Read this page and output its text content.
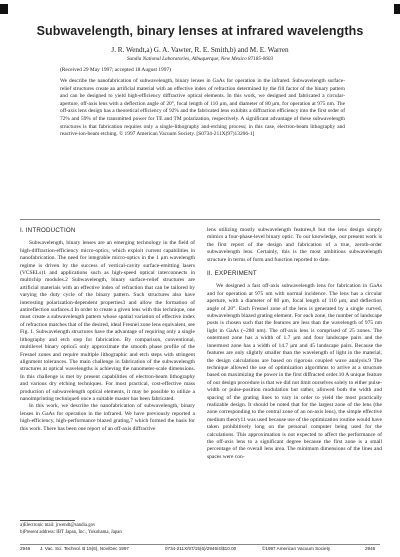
Subwavelength, binary lenses at infrared wavelengths
J. R. Wendt,a) G. A. Vawter, R. E. Smith,b) and M. E. Warren
Sandia National Laboratories, Albuquerque, New Mexico 87185-0603
(Received 29 May 1997; accepted 18 August 1997)

We describe the nanofabrication of subwavelength, binary lenses in GaAs for operation in the infrared. Subwavelength surface-relief structures create an artificial material with an effective index of refraction determined by the fill factor of the binary pattern and can be designed to yield high-efficiency diffractive optical elements. In this work, we designed and fabricated a circular-aperture, off-axis lens with a deflection angle of 20°, focal length of 110 μm, and diameter of 80 μm, for operation at 975 nm. The off-axis lens design has a theoretical efficiency of 92% and the fabricated lens exhibits a diffraction efficiency into the first order of 72% and 59% of the transmitted power for TE and TM polarization, respectively. A significant advantage of these subwavelength structures is that fabrication requires only a single-lithography and-etching process; in this case, electron-beam lithography and reactive-ion-beam etching. © 1997 American Vacuum Society. [S0734-211X(97)13206-1]

I. INTRODUCTION

Subwavelength, binary lenses are an emerging technology in the field of high-diffraction-efficiency micro-optics, which exploit current capabilities in nanofabrication. The need for integrable micro-optics in the 1 μm wavelength regime is driven by the success of vertical-cavity surface-emitting lasers (VCSELs)1 and applications such as high-speed optical interconnects in multichip modules.2 Subwavelength, binary surface-relief structures are artificial materials with an effective index of refraction that can be tailored by varying the duty cycle of the binary pattern. Such structures also have interesting polarization-dependent properties3 and allow the formation of antireflection surfaces.4 In order to create a given lens with this technique, one must create a subwavelength pattern whose spatial variation of effective index of refraction matches that of the desired, ideal Fresnel zone lens equivalent, see Fig. 1. Subwavelength structures have the advantage of requiring only a single lithography and etch step for fabrication. By comparison, conventional, multilevel binary optics5 only approximate the smooth phase profile of the Fresnel zones and require multiple lithographic and etch steps with stringent alignment tolerances. The main challenge in fabrication of the subwavelength structures at optical wavelengths is achieving the nanometer-scale dimensions. In this challenge is met by present capabilities of electron-beam lithography and various dry etching techniques. For most practical, cost-effective mass production of subwavelength optical elements, it may be possible to utilize a nanoimprinting technique6 once a suitable master has been fabricated.

In this work, we describe the nanofabrication of subwavelength, binary lenses in GaAs for operation in the infrared. We have previously reported a high-efficiency, high-performance blazed grating,7 which formed the basis for this work. There has been one report of an off-axis diffractive

lens utilizing mostly subwavelength features,8 but the lens design simply mimics a four-phase-level binary optic. To our knowledge, our present work is the first report of the design and fabrication of a true, zeroth-order subwavelength lens. Certainly, this is the most ambitious subwavelength structure in terms of form and function reported to date.

II. EXPERIMENT

We designed a fast off-axis subwavelength lens for fabrication in GaAs and for operation at 975 nm with normal incidence. The lens has a circular aperture, with a diameter of 80 μm, focal length of 110 μm, and deflection angle of 20°. Each Fresnel zone of the lens is generated by a single curved, subwavelength blazed grating element. For each zone, the number of landscape posts is chosen such that the features are less than the wavelength of 975 nm light in GaAs (~280 nm). The off-axis lens is comprised of 25 zones. The outermost zone has a width of 1.7 μm and four landscape pairs and the innermost zone has a width of 14.7 μm and 45 landscape pairs. Because the features are only slightly smaller than the wavelength of light in the material, the design calculations are based on rigorous coupled wave analysis.9 The technique allowed the use of optimization algorithms to arrive at a structure based on maximizing the power in the first diffracted order.10 A unique feature of our design procedure is that we did not limit ourselves solely to either pulse-width or pulse-position modulation but rather, allowed both the width and spacing of the grating lines to vary in order to yield the most practically realizable design. It should be noted that for the largest zone of the lens (the zone corresponding to the central zone of an on-axis lens), the simple effective medium theory11 was used because use of the optimization routine would have taken prohibitively long on the personal computer being used for the calculations. This approximation is not expected to affect the performance of the off-axis lens to a significant degree because the first zone is a small percentage of the overall lens area. The minimum dimensions of the lines and spaces were con-

a)Electronic mail: jrwendt@sandia.gov
b)Present address: IBT Japan, Inc., Yokohama, Japan
2946 J. Vac. Sci. Technol. B 15(6), Nov/Dec 1997	0734-211X/97/15(6)/2946/4/$10.00	©1997 American Vacuum Society	2946
